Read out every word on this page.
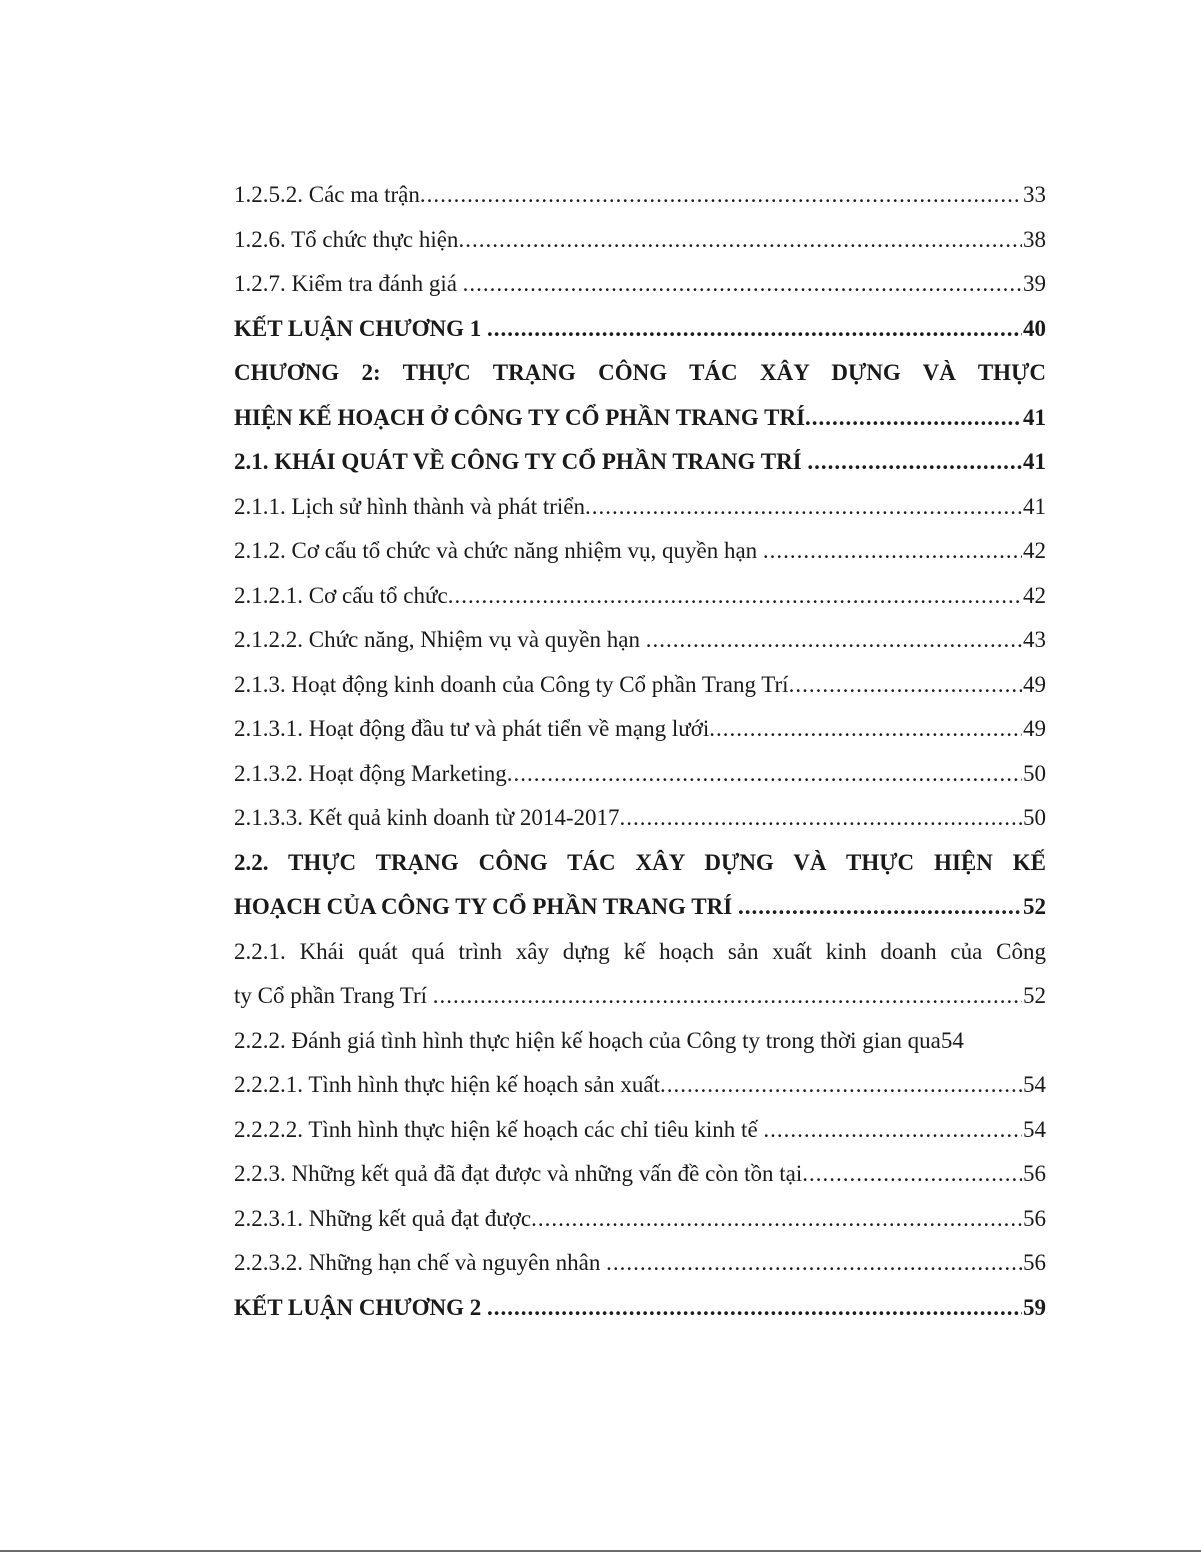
1.2.5.2. Các ma trận .....	33
1.2.6. Tổ chức thực hiện .....	38
1.2.7. Kiểm tra đánh giá .....	39
KẾT LUẬN CHƯƠNG 1 .....	40
CHƯƠNG 2: THỰC TRẠNG CÔNG TÁC XÂY DỰNG VÀ THỰC
HIỆN KẾ HOẠCH Ở CÔNG TY CỔ PHẦN TRANG TRÍ .....	41
2.1. KHÁI QUÁT VỀ CÔNG TY CỔ PHẦN TRANG TRÍ .....	41
2.1.1. Lịch sử hình thành và phát triển .....	41
2.1.2. Cơ cấu tổ chức và chức năng nhiệm vụ, quyền hạn .....	42
2.1.2.1. Cơ cấu tổ chức .....	42
2.1.2.2. Chức năng, Nhiệm vụ và quyền hạn .....	43
2.1.3. Hoạt động kinh doanh của Công ty Cổ phần Trang Trí .....	49
2.1.3.1. Hoạt động đầu tư và phát tiển về mạng lưới .....	49
2.1.3.2. Hoạt động Marketing .....	50
2.1.3.3. Kết quả kinh doanh từ 2014-2017 .....	50
2.2. THỰC TRẠNG CÔNG TÁC XÂY DỰNG VÀ THỰC HIỆN KẾ
HOẠCH CỦA CÔNG TY CỔ PHẦN TRANG TRÍ .....	52
2.2.1. Khái quát quá trình xây dựng kế hoạch sản xuất kinh doanh của Công
ty Cổ phần Trang Trí .....	52
2.2.2. Đánh giá tình hình thực hiện kế hoạch của Công ty trong thời gian qua54
2.2.2.1. Tình hình thực hiện kế hoạch sản xuất .....	54
2.2.2.2. Tình hình thực hiện kế hoạch các chỉ tiêu kinh tế .....	54
2.2.3. Những kết quả đã đạt được và những vấn đề còn tồn tại .....	56
2.2.3.1. Những kết quả đạt được .....	56
2.2.3.2. Những hạn chế và nguyên nhân .....	56
KẾT LUẬN CHƯƠNG 2 .....	59
